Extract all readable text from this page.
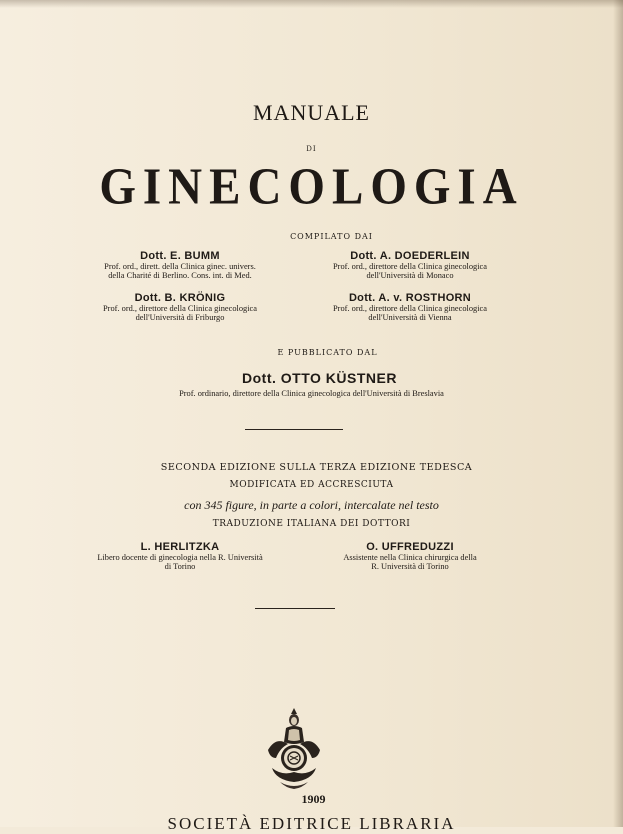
MANUALE
DI
GINECOLOGIA
COMPILATO DAI
Dott. E. BUMM
Prof. ord., dirett. della Clinica ginec. univers.
della Charité di Berlino. Cons. int. di Med.
Dott. A. DOEDERLEIN
Prof. ord., direttore della Clinica ginecologica
dell'Università di Monaco
Dott. B. KRÖNIG
Prof. ord., direttore della Clinica ginecologica
dell'Università di Friburgo
Dott. A. v. ROSTHORN
Prof. ord., direttore della Clinica ginecologica
dell'Università di Vienna
E PUBBLICATO DAL
Dott. OTTO KÜSTNER
Prof. ordinario, direttore della Clinica ginecologica dell'Università di Breslavia
SECONDA EDIZIONE SULLA TERZA EDIZIONE TEDESCA
MODIFICATA ED ACCRESCIUTA
con 345 figure, in parte a colori, intercalate nel testo
TRADUZIONE ITALIANA DEI DOTTORI
L. HERLITZKA
Libero docente di ginecologia nella R. Università
di Torino
O. UFFREDUZZI
Assistente nella Clinica chirurgica della
R. Università di Torino
1909
SOCIETÀ EDITRICE LIBRARIA
